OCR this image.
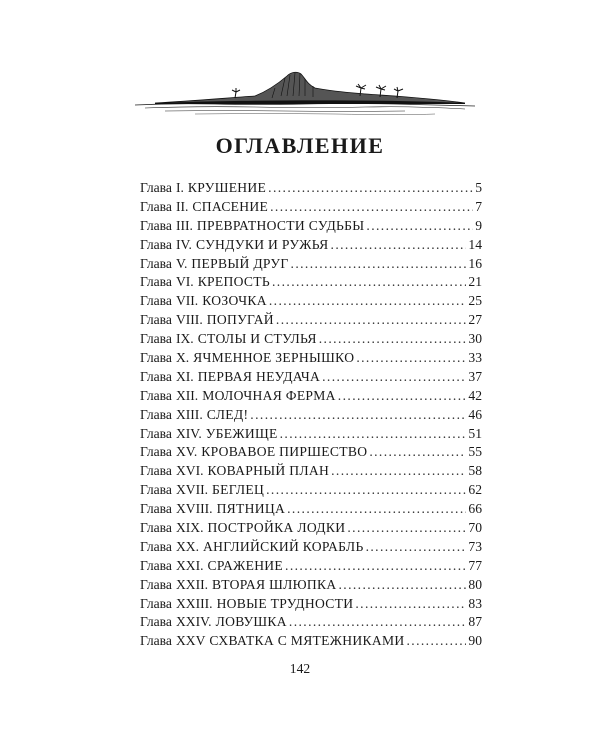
ОГЛАВЛЕНИЕ
Глава I. КРУШЕНИЕ . . .	5
Глава II. СПАСЕНИЕ . . .	7
Глава III. ПРЕВРАТНОСТИ СУДЬБЫ . . .	9
Глава IV. СУНДУКИ И РУЖЬЯ . . .	14
Глава V. ПЕРВЫЙ ДРУГ . . .	16
Глава VI. КРЕПОСТЬ . . .	21
Глава VII. КОЗОЧКА . . .	25
Глава VIII. ПОПУГАЙ . . .	27
Глава IX. СТОЛЫ И СТУЛЬЯ . . .	30
Глава X. ЯЧМЕННОЕ ЗЕРНЫШКО . . .	33
Глава XI. ПЕРВАЯ НЕУДАЧА . . .	37
Глава XII. МОЛОЧНАЯ ФЕРМА . . .	42
Глава XIII. СЛЕД! . . .	46
Глава XIV. УБЕЖИЩЕ . . .	51
Глава XV. КРОВАВОЕ ПИРШЕСТВО . . .	55
Глава XVI. КОВАРНЫЙ ПЛАН . . .	58
Глава XVII. БЕГЛЕЦ . . .	62
Глава XVIII. ПЯТНИЦА . . .	66
Глава XIX. ПОСТРОЙКА ЛОДКИ . . .	70
Глава XX. АНГЛИЙСКИЙ КОРАБЛЬ . . .	73
Глава XXI. СРАЖЕНИЕ . . .	77
Глава XXII. ВТОРАЯ ШЛЮПКА . . .	80
Глава XXIII. НОВЫЕ ТРУДНОСТИ . . .	83
Глава XXIV. ЛОВУШКА . . .	87
Глава XXV СХВАТКА С МЯТЕЖНИКАМИ . . .	90
142
